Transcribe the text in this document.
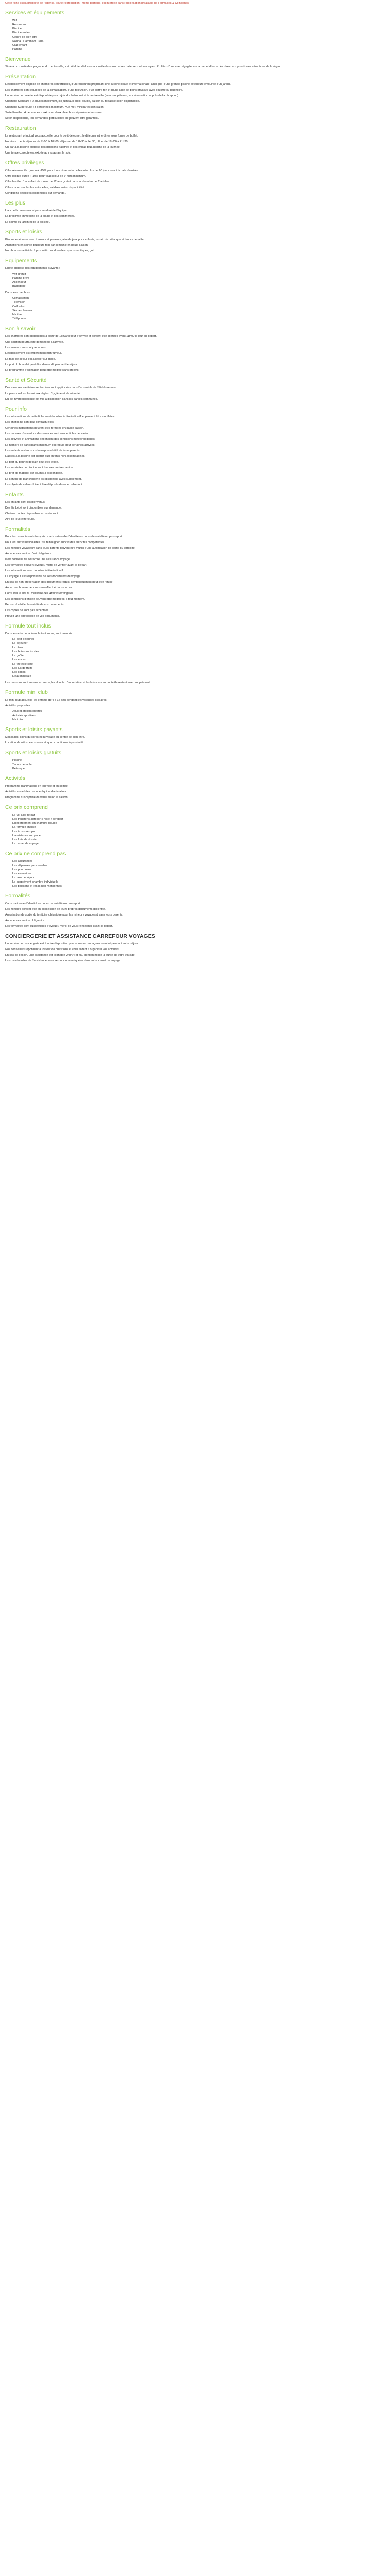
Cette fiche est la propriété de l'agence. Toute reproduction, même partielle, est interdite sans l'autorisation préalable de Formalités & Consignes.

Services et équipements
• Wifi
• Restaurant
• Piscine
• Piscine enfant
• Centre de bien-être
• Sauna - Hammam - Spa
• Club enfant
• Parking
Bienvenue

Situé à proximité des plages et du centre-ville, cet hôtel familial vous accueille dans un cadre chaleureux et verdoyant. Profitez d'une vue dégagée sur la mer et d'un accès direct aux principales attractions de la région.

Présentation

L'établissement dispose de chambres confortables, d'un restaurant proposant une cuisine locale et internationale, ainsi que d'une grande piscine extérieure entourée d'un jardin.

Les chambres sont équipées de la climatisation, d'une télévision, d'un coffre-fort et d'une salle de bains privative avec douche ou baignoire.

Un service de navette est disponible pour rejoindre l'aéroport et le centre-ville (avec supplément, sur réservation auprès de la réception).

Chambre Standard : 2 adultes maximum, lits jumeaux ou lit double, balcon ou terrasse selon disponibilité.

Chambre Supérieure : 3 personnes maximum, vue mer, minibar et coin salon.

Suite Famille : 4 personnes maximum, deux chambres séparées et un salon.

Selon disponibilité, les demandes particulières ne peuvent être garanties.

Restauration

Le restaurant principal vous accueille pour le petit-déjeuner, le déjeuner et le dîner sous forme de buffet.

Horaires : petit-déjeuner de 7h00 à 10h00, déjeuner de 12h30 à 14h30, dîner de 19h00 à 21h30.

Un bar à la piscine propose des boissons fraîches et des encas tout au long de la journée.

Une tenue correcte est exigée au restaurant le soir.

Offres privilèges

Offre réservez tôt : jusqu'à -15% pour toute réservation effectuée plus de 60 jours avant la date d'arrivée.

Offre longue durée : -10% pour tout séjour de 7 nuits minimum.

Offre famille : 1er enfant de moins de 12 ans gratuit dans la chambre de 2 adultes.

Offres non cumulables entre elles, valables selon disponibilité.

Conditions détaillées disponibles sur demande.

Les plus

L'accueil chaleureux et personnalisé de l'équipe.

La proximité immédiate de la plage et des commerces.

Le calme du jardin et de la piscine.

Sports et loisirs

Piscine extérieure avec transats et parasols, aire de jeux pour enfants, terrain de pétanque et tennis de table.

Animations en soirée plusieurs fois par semaine en haute saison.

Nombreuses activités à proximité : randonnées, sports nautiques, golf.

Équipements

L'hôtel dispose des équipements suivants :

• Wifi gratuit
• Parking privé
• Ascenseur
• Bagagerie

Dans les chambres :

• Climatisation
• Télévision
• Coffre-fort
• Sèche-cheveux
• Minibar
• Téléphone
Bon à savoir

Les chambres sont disponibles à partir de 15h00 le jour d'arrivée et doivent être libérées avant 11h00 le jour du départ.

Une caution pourra être demandée à l'arrivée.

Les animaux ne sont pas admis.

L'établissement est entièrement non-fumeur.

La taxe de séjour est à régler sur place.

Le port du bracelet peut être demandé pendant le séjour.

Le programme d'animation peut être modifié sans préavis.

Santé et Sécurité

Des mesures sanitaires renforcées sont appliquées dans l'ensemble de l'établissement.

Le personnel est formé aux règles d'hygiène et de sécurité.

Du gel hydroalcoolique est mis à disposition dans les parties communes.

Pour info

Les informations de cette fiche sont données à titre indicatif et peuvent être modifiées.

Les photos ne sont pas contractuelles.

Certaines installations peuvent être fermées en basse saison.

Les horaires d'ouverture des services sont susceptibles de varier.

Les activités et animations dépendent des conditions météorologiques.

Le nombre de participants minimum est requis pour certaines activités.

Les enfants restent sous la responsabilité de leurs parents.

L'accès à la piscine est interdit aux enfants non accompagnés.

Le port du bonnet de bain peut être exigé.

Les serviettes de piscine sont fournies contre caution.

Le prêt de matériel est soumis à disponibilité.

Le service de blanchisserie est disponible avec supplément.

Les objets de valeur doivent être déposés dans le coffre-fort.

Enfants

Les enfants sont les bienvenus.

Des lits bébé sont disponibles sur demande.

Chaises hautes disponibles au restaurant.

Aire de jeux extérieure.

Formalités

Pour les ressortissants français : carte nationale d'identité en cours de validité ou passeport.

Pour les autres nationalités : se renseigner auprès des autorités compétentes.

Les mineurs voyageant sans leurs parents doivent être munis d'une autorisation de sortie du territoire.

Aucune vaccination n'est obligatoire.

Il est conseillé de souscrire une assurance voyage.

Les formalités peuvent évoluer, merci de vérifier avant le départ.

Les informations sont données à titre indicatif.

Le voyageur est responsable de ses documents de voyage.

En cas de non-présentation des documents requis, l'embarquement peut être refusé.

Aucun remboursement ne sera effectué dans ce cas.

Consultez le site du ministère des Affaires étrangères.

Les conditions d'entrée peuvent être modifiées à tout moment.

Pensez à vérifier la validité de vos documents.

Les copies ne sont pas acceptées.

Prévoir une photocopie de vos documents.

Formule tout inclus

Dans le cadre de la formule tout inclus, sont compris :

• Le petit-déjeuner
• Le déjeuner
• Le dîner
• Les boissons locales
• Le goûter
• Les encas
• Le thé et le café
• Les jus de fruits
• Les sodas
• L'eau minérale

Les boissons sont servies au verre, les alcools d'importation et les boissons en bouteille restent avec supplément.

Formule mini club

Le mini club accueille les enfants de 4 à 12 ans pendant les vacances scolaires.

Activités proposées :

• Jeux et ateliers créatifs
• Activités sportives
• Mini disco
Sports et loisirs payants

Massages, soins du corps et du visage au centre de bien-être.

Location de vélos, excursions et sports nautiques à proximité.

Sports et loisirs gratuits
• Piscine
• Tennis de table
• Pétanque
Activités

Programme d'animations en journée et en soirée.

Activités encadrées par une équipe d'animation.

Programme susceptible de varier selon la saison.

Ce prix comprend
• Le vol aller-retour
• Les transferts aéroport / hôtel / aéroport
• L'hébergement en chambre double
• La formule choisie
• Les taxes aéroport
• L'assistance sur place
• Les frais de dossier
• Le carnet de voyage
Ce prix ne comprend pas
• Les assurances
• Les dépenses personnelles
• Les pourboires
• Les excursions
• La taxe de séjour
• Le supplément chambre individuelle
• Les boissons et repas non mentionnés
Formalités

Carte nationale d'identité en cours de validité ou passeport.

Les mineurs doivent être en possession de leurs propres documents d'identité.

Autorisation de sortie du territoire obligatoire pour les mineurs voyageant sans leurs parents.

Aucune vaccination obligatoire.

Les formalités sont susceptibles d'évoluer, merci de vous renseigner avant le départ.

CONCIERGERIE ET ASSISTANCE CARREFOUR VOYAGES

Un service de conciergerie est à votre disposition pour vous accompagner avant et pendant votre séjour.

Nos conseillers répondent à toutes vos questions et vous aident à organiser vos activités.

En cas de besoin, une assistance est joignable 24h/24 et 7j/7 pendant toute la durée de votre voyage.

Les coordonnées de l'assistance vous seront communiquées dans votre carnet de voyage.
